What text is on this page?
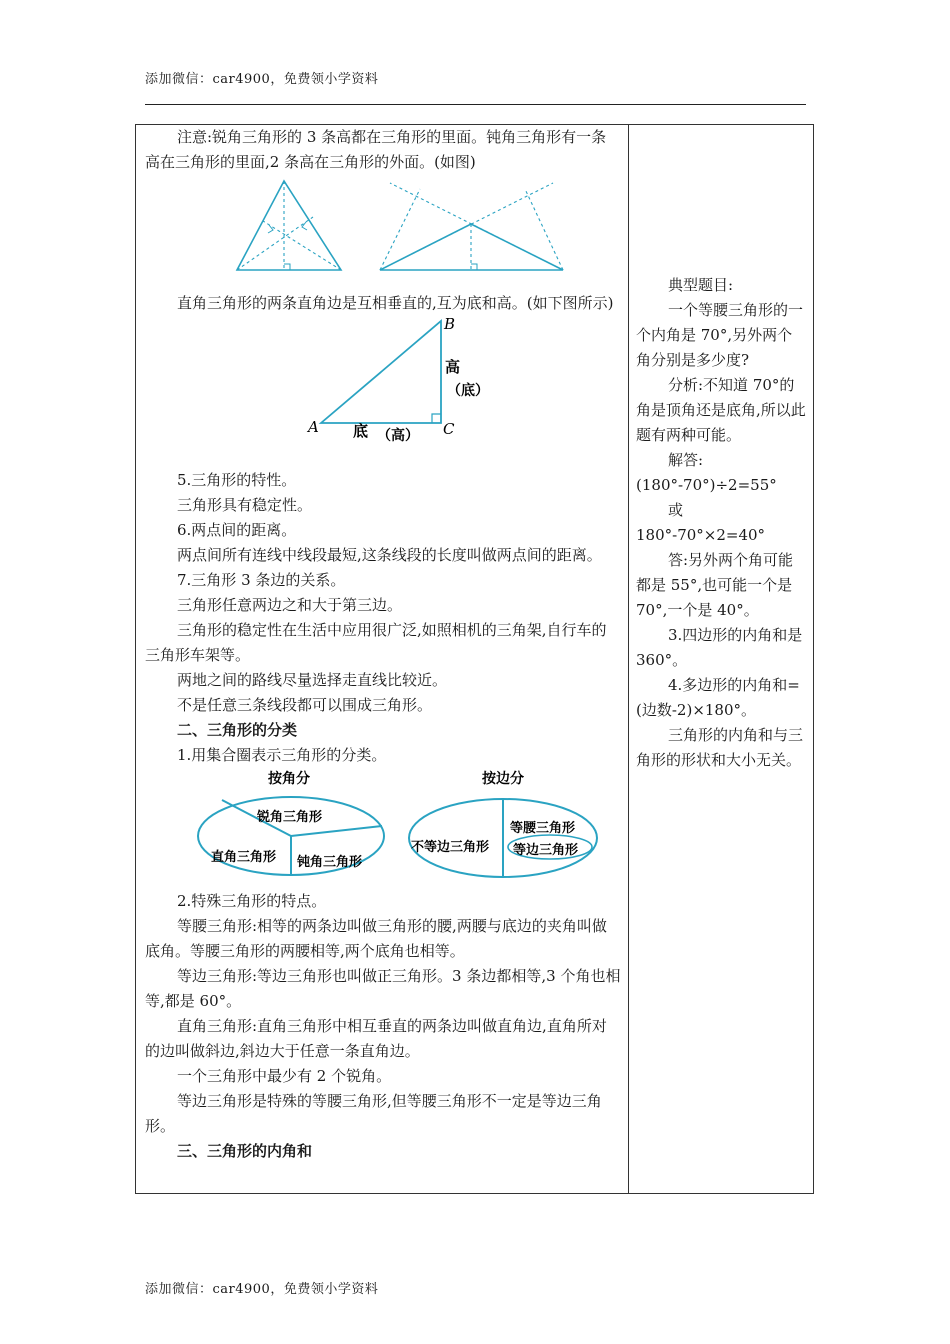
添加微信：car4900，免费领小学资料

注意:锐角三角形的 3 条高都在三角形的里面。钝角三角形有一条高在三角形的里面,2 条高在三角形的外面。(如图)

直角三角形的两条直角边是互相垂直的,互为底和高。(如下图所示)

A
B
C
底 （高）
高
（底）

5.三角形的特性。

三角形具有稳定性。

6.两点间的距离。

两点间所有连线中线段最短,这条线段的长度叫做两点间的距离。

7.三角形 3 条边的关系。

三角形任意两边之和大于第三边。

三角形的稳定性在生活中应用很广泛,如照相机的三角架,自行车的三角形车架等。

两地之间的路线尽量选择走直线比较近。

不是任意三条线段都可以围成三角形。

二、三角形的分类

1.用集合圈表示三角形的分类。

按角分
锐角三角形
直角三角形 钝角三角形
按边分
不等边三角形
等腰三角形
等边三角形

2.特殊三角形的特点。

等腰三角形:相等的两条边叫做三角形的腰,两腰与底边的夹角叫做底角。等腰三角形的两腰相等,两个底角也相等。

等边三角形:等边三角形也叫做正三角形。3 条边都相等,3 个角也相等,都是 60°。

直角三角形:直角三角形中相互垂直的两条边叫做直角边,直角所对的边叫做斜边,斜边大于任意一条直角边。

一个三角形中最少有 2 个锐角。

等边三角形是特殊的等腰三角形,但等腰三角形不一定是等边三角形。

三、三角形的内角和

典型题目:

一个等腰三角形的一个内角是 70°,另外两个角分别是多少度?

分析:不知道 70°的角是顶角还是底角,所以此题有两种可能。

解答:(180°-70°)÷2=55°

或 180°-70°×2=40°

答:另外两个角可能都是 55°,也可能一个是 70°,一个是 40°。

3.四边形的内角和是 360°。

4.多边形的内角和=(边数-2)×180°。

三角形的内角和与三角形的形状和大小无关。

添加微信：car4900，免费领小学资料
